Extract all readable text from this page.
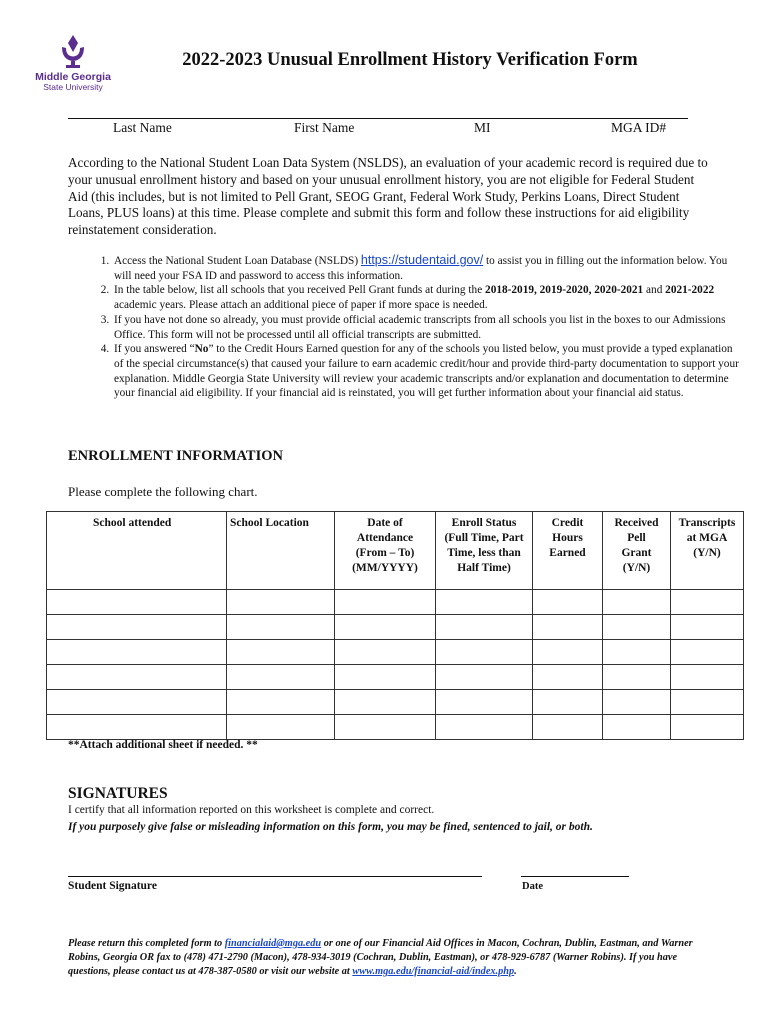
Middle Georgia
State University
2022-2023 Unusual Enrollment History Verification Form
Last Name	First Name	MI	MGA ID#
According to the National Student Loan Data System (NSLDS), an evaluation of your academic record is required due to your unusual enrollment history and based on your unusual enrollment history, you are not eligible for Federal Student Aid (this includes, but is not limited to Pell Grant, SEOG Grant, Federal Work Study, Perkins Loans, Direct Student Loans, PLUS loans) at this time. Please complete and submit this form and follow these instructions for aid eligibility reinstatement consideration.
1. Access the National Student Loan Database (NSLDS) https://studentaid.gov/ to assist you in filling out the information below. You will need your FSA ID and password to access this information.
2. In the table below, list all schools that you received Pell Grant funds at during the 2018-2019, 2019-2020, 2020-2021 and 2021-2022 academic years. Please attach an additional piece of paper if more space is needed.
3. If you have not done so already, you must provide official academic transcripts from all schools you list in the boxes to our Admissions Office. This form will not be processed until all official transcripts are submitted.
4. If you answered “No” to the Credit Hours Earned question for any of the schools you listed below, you must provide a typed explanation of the special circumstance(s) that caused your failure to earn academic credit/hour and provide third-party documentation to support your explanation. Middle Georgia State University will review your academic transcripts and/or explanation and documentation to determine your financial aid eligibility. If your financial aid is reinstated, you will get further information about your financial aid status.
ENROLLMENT INFORMATION
Please complete the following chart.
School attended	School Location	Date of Attendance (From – To) (MM/YYYY)	Enroll Status (Full Time, Part Time, less than Half Time)	Credit Hours Earned	Received Pell Grant (Y/N)	Transcripts at MGA (Y/N)

**Attach additional sheet if needed. **
SIGNATURES
I certify that all information reported on this worksheet is complete and correct.
If you purposely give false or misleading information on this form, you may be fined, sentenced to jail, or both.
Student Signature	Date
Please return this completed form to financialaid@mga.edu or one of our Financial Aid Offices in Macon, Cochran, Dublin, Eastman, and Warner Robins, Georgia OR fax to (478) 471-2790 (Macon), 478-934-3019 (Cochran, Dublin, Eastman), or 478-929-6787 (Warner Robins). If you have questions, please contact us at 478-387-0580 or visit our website at www.mga.edu/financial-aid/index.php.
